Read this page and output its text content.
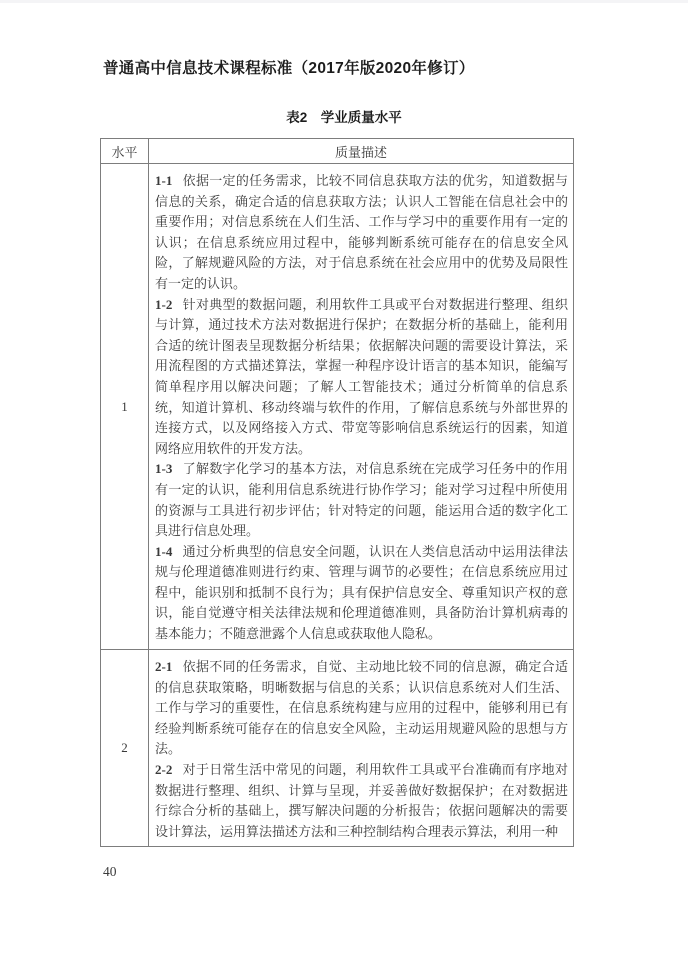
普通高中信息技术课程标准（2017年版2020年修订）
表2　学业质量水平
水平	质量描述
1	1-1 依据一定的任务需求，比较不同信息获取方法的优劣，知道数据与信息的关系，确定合适的信息获取方法；认识人工智能在信息社会中的重要作用；对信息系统在人们生活、工作与学习中的重要作用有一定的认识；在信息系统应用过程中，能够判断系统可能存在的信息安全风险，了解规避风险的方法，对于信息系统在社会应用中的优势及局限性有一定的认识。

1-2 针对典型的数据问题，利用软件工具或平台对数据进行整理、组织与计算，通过技术方法对数据进行保护；在数据分析的基础上，能利用合适的统计图表呈现数据分析结果；依据解决问题的需要设计算法，采用流程图的方式描述算法，掌握一种程序设计语言的基本知识，能编写简单程序用以解决问题；了解人工智能技术；通过分析简单的信息系统，知道计算机、移动终端与软件的作用，了解信息系统与外部世界的连接方式，以及网络接入方式、带宽等影响信息系统运行的因素，知道网络应用软件的开发方法。

1-3 了解数字化学习的基本方法，对信息系统在完成学习任务中的作用有一定的认识，能利用信息系统进行协作学习；能对学习过程中所使用的资源与工具进行初步评估；针对特定的问题，能运用合适的数字化工具进行信息处理。

1-4 通过分析典型的信息安全问题，认识在人类信息活动中运用法律法规与伦理道德准则进行约束、管理与调节的必要性；在信息系统应用过程中，能识别和抵制不良行为；具有保护信息安全、尊重知识产权的意识，能自觉遵守相关法律法规和伦理道德准则，具备防治计算机病毒的基本能力；不随意泄露个人信息或获取他人隐私。

2	2-1 依据不同的任务需求，自觉、主动地比较不同的信息源，确定合适的信息获取策略，明晰数据与信息的关系；认识信息系统对人们生活、工作与学习的重要性，在信息系统构建与应用的过程中，能够利用已有经验判断系统可能存在的信息安全风险，主动运用规避风险的思想与方法。

2-2 对于日常生活中常见的问题，利用软件工具或平台准确而有序地对数据进行整理、组织、计算与呈现，并妥善做好数据保护；在对数据进行综合分析的基础上，撰写解决问题的分析报告；依据问题解决的需要设计算法，运用算法描述方法和三种控制结构合理表示算法，利用一种

40
